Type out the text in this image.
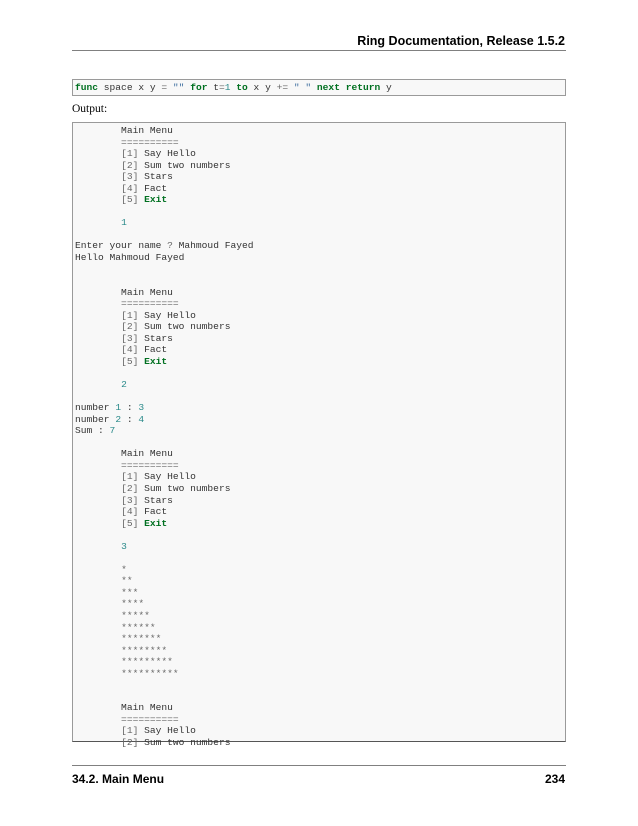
Ring Documentation, Release 1.5.2

func space x y = "" for t=1 to x y += " " next return y

Output:

Main Menu
==========
[1] Say Hello
[2] Sum two numbers
[3] Stars
[4] Fact
[5] Exit
1
Enter your name ? Mahmoud Fayed
Hello Mahmoud Fayed
Main Menu
==========
[1] Say Hello
[2] Sum two numbers
[3] Stars
[4] Fact
[5] Exit
2
number 1 : 3
number 2 : 4
Sum : 7
Main Menu
==========
[1] Say Hello
[2] Sum two numbers
[3] Stars
[4] Fact
[5] Exit
3
*
**
***
****
*****
******
*******
********
*********
**********
Main Menu
==========
[1] Say Hello
[2] Sum two numbers

34.2. Main Menu	234
